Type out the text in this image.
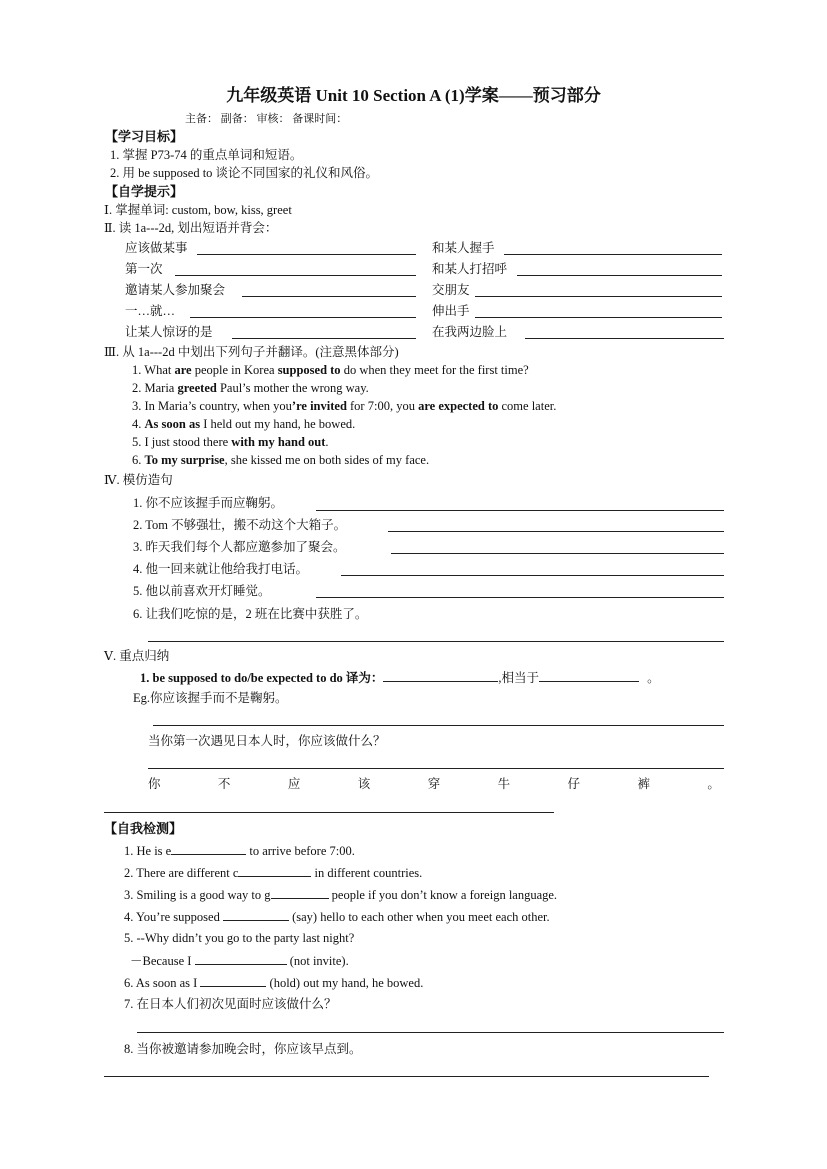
九年级英语 Unit 10 Section A (1)学案——预习部分
主备： 副备： 审核： 备课时间：
【学习目标】
1. 掌握 P73-74 的重点单词和短语。
2. 用 be supposed to 谈论不同国家的礼仪和风俗。
【自学提示】
Ⅰ. 掌握单词: custom, bow, kiss, greet
Ⅱ. 读 1a---2d, 划出短语并背会：
应该做某事	和某人握手
第一次	和某人打招呼
邀请某人参加聚会	交朋友
一…就…	伸出手
让某人惊讶的是	在我两边脸上
Ⅲ. 从 1a---2d 中划出下列句子并翻译。(注意黑体部分)
1. What are people in Korea supposed to do when they meet for the first time?
2. Maria greeted Paul’s mother the wrong way.
3. In Maria’s country, when you’re invited for 7:00, you are expected to come later.
4. As soon as I held out my hand, he bowed.
5. I just stood there with my hand out.
6. To my surprise, she kissed me on both sides of my face.
Ⅳ. 模仿造句
1. 你不应该握手而应鞠躬。
2. Tom 不够强壮，搬不动这个大箱子。
3. 昨天我们每个人都应邀参加了聚会。
4. 他一回来就让他给我打电话。
5. 他以前喜欢开灯睡觉。
6. 让我们吃惊的是，2 班在比赛中获胜了。
Ⅴ. 重点归纳
1. be supposed to do/be expected to do 译为：	,相当于	。
Eg.你应该握手而不是鞠躬。
当你第一次遇见日本人时，你应该做什么？
你	不	应	该	穿	牛	仔	裤	。
【自我检测】
1. He is e	to arrive before 7:00.
2. There are different c	in different countries.
3. Smiling is a good way to g	people if you don’t know a foreign language.
4. You’re supposed	(say) hello to each other when you meet each other.
5. --Why didn’t you go to the party last night?
－Because I	(not invite).
6. As soon as I	(hold) out my hand, he bowed.
7. 在日本人们初次见面时应该做什么？
8. 当你被邀请参加晚会时，你应该早点到。
